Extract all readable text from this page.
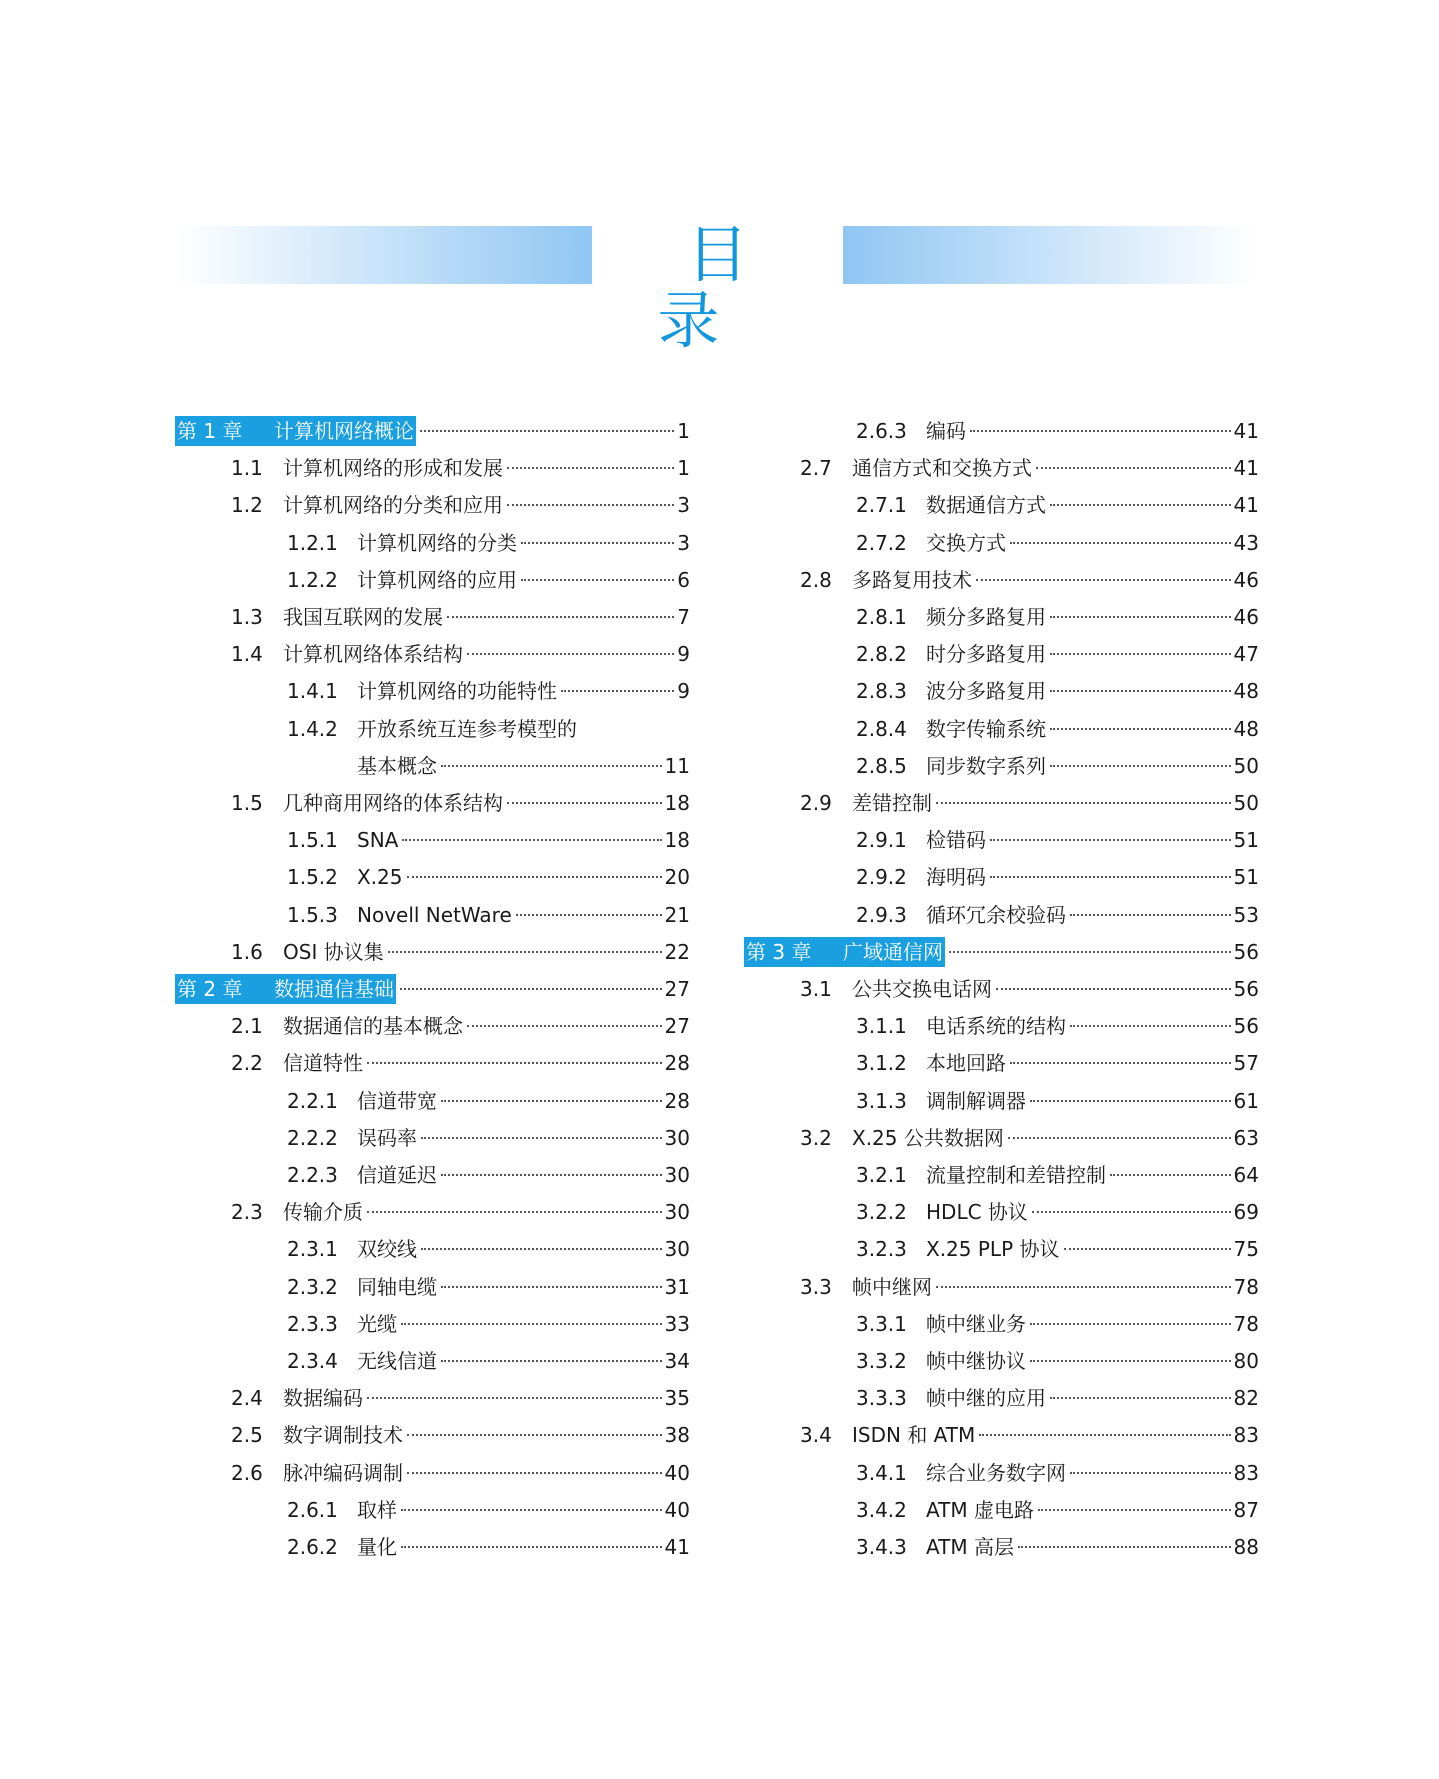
目 录
第 1 章	计算机网络概论	1
1.1	计算机网络的形成和发展	1
1.2	计算机网络的分类和应用	3
1.2.1 计算机网络的分类	3
1.2.2 计算机网络的应用	6
1.3	我国互联网的发展	7
1.4	计算机网络体系结构	9
1.4.1 计算机网络的功能特性	9
1.4.2 开放系统互连参考模型的
基本概念	11
1.5	几种商用网络的体系结构	18
1.5.1 SNA	18
1.5.2 X.25	20
1.5.3 Novell NetWare	21
1.6	OSI 协议集	22
第 2 章	数据通信基础	27
2.1	数据通信的基本概念	27
2.2	信道特性	28
2.2.1 信道带宽	28
2.2.2 误码率	30
2.2.3 信道延迟	30
2.3	传输介质	30
2.3.1 双绞线	30
2.3.2 同轴电缆	31
2.3.3 光缆	33
2.3.4 无线信道	34
2.4	数据编码	35
2.5	数字调制技术	38
2.6	脉冲编码调制	40
2.6.1 取样	40
2.6.2 量化	41
2.6.3 编码	41
2.7	通信方式和交换方式	41
2.7.1 数据通信方式	41
2.7.2 交换方式	43
2.8	多路复用技术	46
2.8.1 频分多路复用	46
2.8.2 时分多路复用	47
2.8.3 波分多路复用	48
2.8.4 数字传输系统	48
2.8.5 同步数字系列	50
2.9	差错控制	50
2.9.1 检错码	51
2.9.2 海明码	51
2.9.3 循环冗余校验码	53
第 3 章	广域通信网	56
3.1	公共交换电话网	56
3.1.1 电话系统的结构	56
3.1.2 本地回路	57
3.1.3 调制解调器	61
3.2	X.25 公共数据网	63
3.2.1 流量控制和差错控制	64
3.2.2 HDLC 协议	69
3.2.3 X.25 PLP 协议	75
3.3	帧中继网	78
3.3.1 帧中继业务	78
3.3.2 帧中继协议	80
3.3.3 帧中继的应用	82
3.4	ISDN 和 ATM	83
3.4.1 综合业务数字网	83
3.4.2 ATM 虚电路	87
3.4.3 ATM 高层	88
